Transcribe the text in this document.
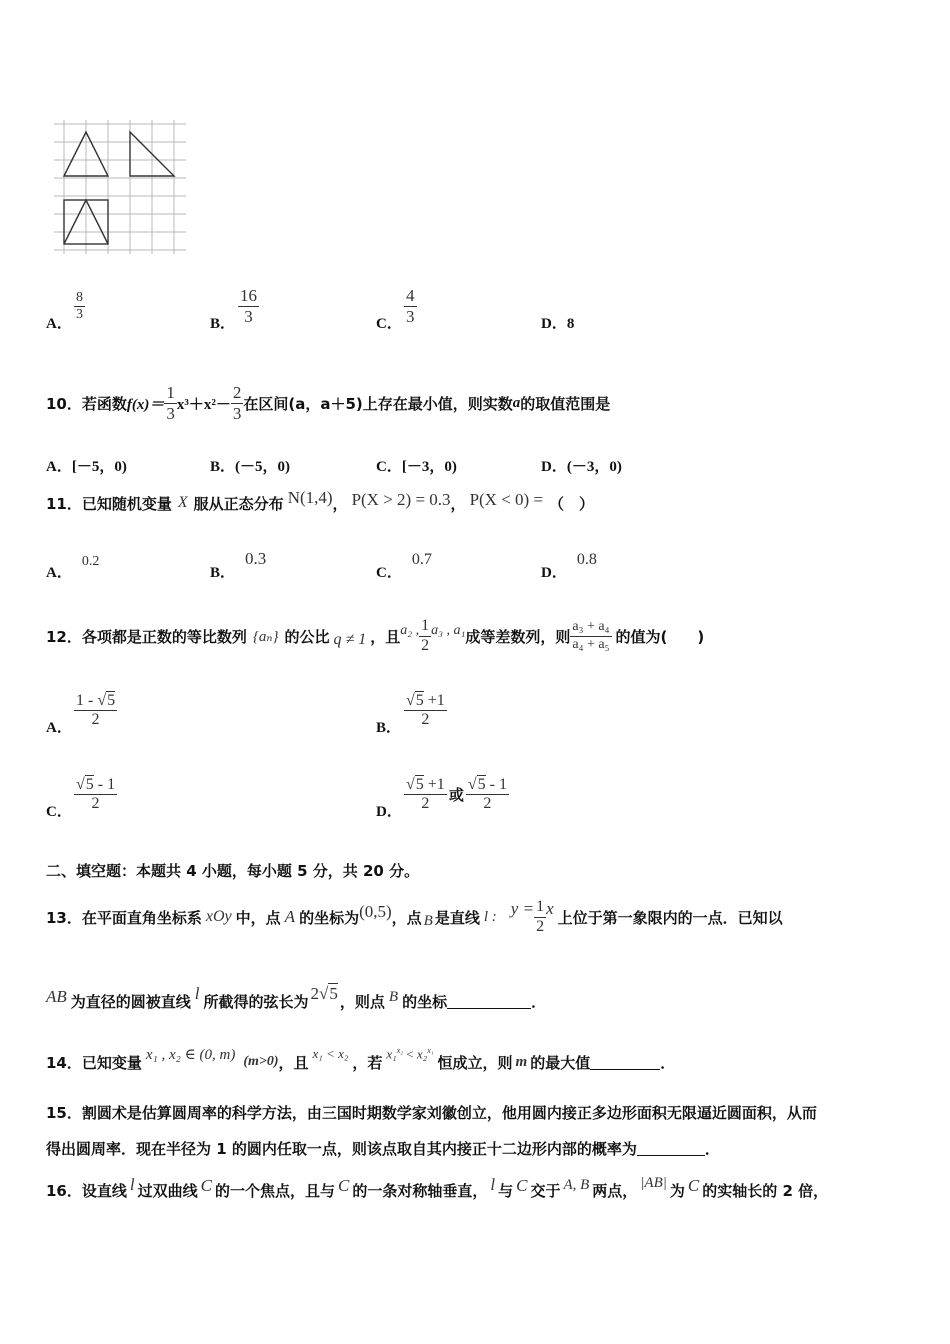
A．
$\frac{8}{3}$
B． $\frac{16}{3}$	C． $\frac{4}{3}$	D．8
10． 若函数 $f(x)= \frac{1}{3} x^3+x^2- \frac{2}{3}$ 在区间(a，a＋5)上存在最小值，则实数 a 的取值范围是
A．[－5，0)	B．(－5，0)	C．[－3，0)	D．(－3，0)
11． 已知随机变量 X 服从正态分布 N(1,4) ， P(X > 2) = 0.3 ， P(X < 0) = （　）
A．0.2
B．0.3
C．0.7
D．0.8
12． 各项都是正数的等比数列 {aₙ} 的公比 q ≠ 1 ，且 a₂ , $\frac{1}{2} a_3$ , a₁ 成等差数列，则 $\frac{\text{a₃ + a₄}}{\text{a₄ + a₅}}$ 的值为(　　)
A． $\frac{1 - √5}{2}$	B． $\frac{√5 +1}{2}$
C． $\frac{√5 - 1}{2}$	D． $\frac{√5 +1}{2}$ 或 $\frac{√5 - 1}{2}$
二、填空题：本题共 4 小题，每小题 5 分，共 20 分。
13． 在平面直角坐标系 xOy 中，点 A 的坐标为 (0,5) ，点 B 是直线 l : $y = \frac{1}{2}$ x 上位于第一象限内的一点．已知以
AB 为直径的圆被直线 l 所截得的弦长为 2√5 ，则点 B 的坐标	．
14． 已知变量 x₁ , x₂ ∈ (0, m) (m>0) ，且 x₁ < x₂ ，若 x₁$^{x_2}$ < x₂$^{x_1}$
恒成立，则 m 的最大值	．
15．割圆术是估算圆周率的科学方法，由三国时期数学家刘徽创立，他用圆内接正多边形面积无限逼近圆面积，从而
得出圆周率．现在半径为 1 的圆内任取一点，则该点取自其内接正十二边形内部的概率为	．
16． 设直线 l 过双曲线 C 的一个焦点，且与 C 的一条对称轴垂直， l 与 C 交于 A, B 两点， |AB| 为 C 的实轴长的 2 倍，
